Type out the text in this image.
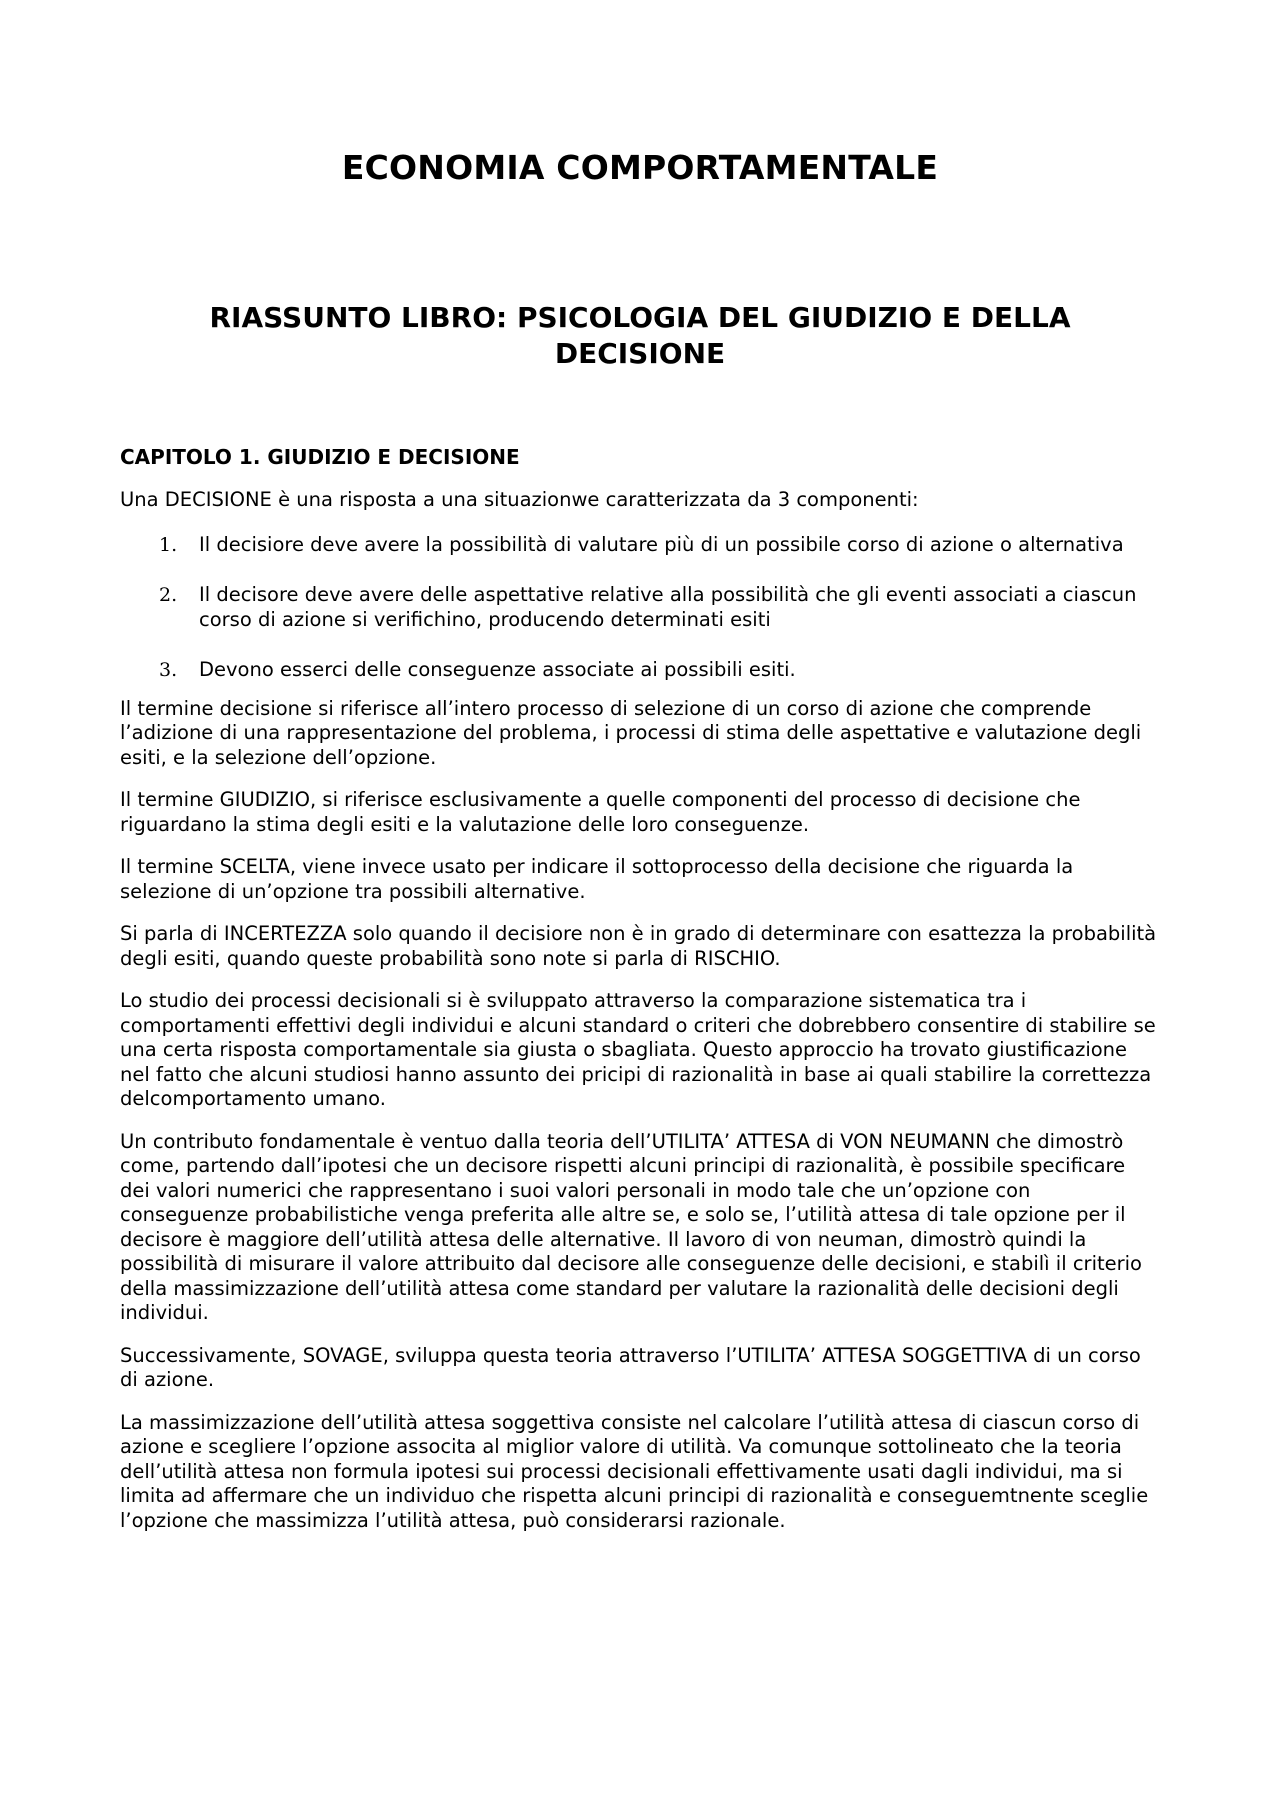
ECONOMIA COMPORTAMENTALE
RIASSUNTO LIBRO: PSICOLOGIA DEL GIUDIZIO E DELLA DECISIONE
CAPITOLO 1. GIUDIZIO E DECISIONE

Una DECISIONE è una risposta a una situazionwe caratterizzata da 3 componenti:

1. Il decisiore deve avere la possibilità di valutare più di un possibile corso di azione o alternativa
2. Il decisore deve avere delle aspettative relative alla possibilità che gli eventi associati a ciascun corso di azione si verifichino, producendo determinati esiti
3. Devono esserci delle conseguenze associate ai possibili esiti.

Il termine decisione si riferisce all’intero processo di selezione di un corso di azione che comprende l’adizione di una rappresentazione del problema, i processi di stima delle aspettative e valutazione degli esiti, e la selezione dell’opzione.

Il termine GIUDIZIO, si riferisce esclusivamente a quelle componenti del processo di decisione che riguardano la stima degli esiti e la valutazione delle loro conseguenze.

Il termine SCELTA, viene invece usato per indicare il sottoprocesso della decisione che riguarda la selezione di un’opzione tra possibili alternative.

Si parla di INCERTEZZA solo quando il decisiore non è in grado di determinare con esattezza la probabilità degli esiti, quando queste probabilità sono note si parla di RISCHIO.

Lo studio dei processi decisionali si è sviluppato attraverso la comparazione sistematica tra i comportamenti effettivi degli individui e alcuni standard o criteri che dobrebbero consentire di stabilire se una certa risposta comportamentale sia giusta o sbagliata. Questo approccio ha trovato giustificazione nel fatto che alcuni studiosi hanno assunto dei pricipi di razionalità in base ai quali stabilire la correttezza delcomportamento umano.

Un contributo fondamentale è ventuo dalla teoria dell’UTILITA’ ATTESA di VON NEUMANN che dimostrò come, partendo dall’ipotesi che un decisore rispetti alcuni principi di razionalità, è possibile specificare dei valori numerici che rappresentano i suoi valori personali in modo tale che un’opzione con conseguenze probabilistiche venga preferita alle altre se, e solo se, l’utilità attesa di tale opzione per il decisore è maggiore dell’utilità attesa delle alternative. Il lavoro di von neuman, dimostrò quindi la possibilità di misurare il valore attribuito dal decisore alle conseguenze delle decisioni, e stabilì il criterio della massimizzazione dell’utilità attesa come standard per valutare la razionalità delle decisioni degli individui.

Successivamente, SOVAGE, sviluppa questa teoria attraverso l’UTILITA’ ATTESA SOGGETTIVA di un corso di azione.

La massimizzazione dell’utilità attesa soggettiva consiste nel calcolare l’utilità attesa di ciascun corso di azione e scegliere l’opzione associta al miglior valore di utilità. Va comunque sottolineato che la teoria dell’utilità attesa non formula ipotesi sui processi decisionali effettivamente usati dagli individui, ma si limita ad affermare che un individuo che rispetta alcuni principi di razionalità e conseguemtnente sceglie l’opzione che massimizza l’utilità attesa, può considerarsi razionale.
